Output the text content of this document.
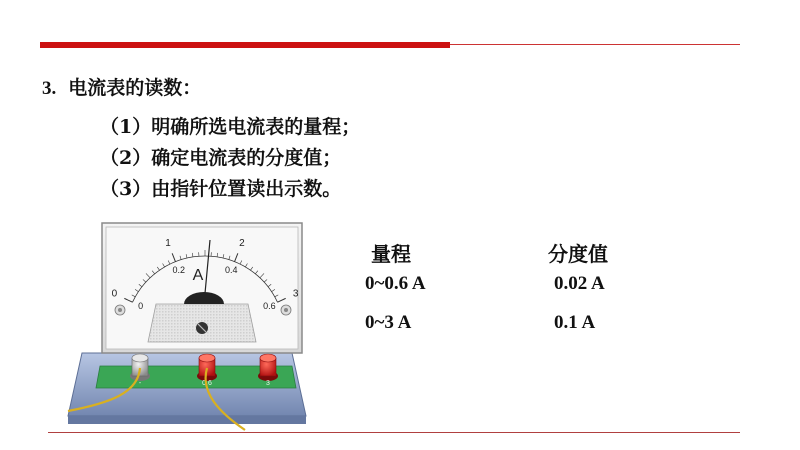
3. 电流表的读数：
（1）明确所选电流表的量程；
（2）确定电流表的分度值；
（3）由指针位置读出示数。
-	0.6	3
0
1	2
3
0
0.2	0.4
0.6
A
量程	分度值
0~0.6 A	0.02 A
0~3 A	0.1 A
